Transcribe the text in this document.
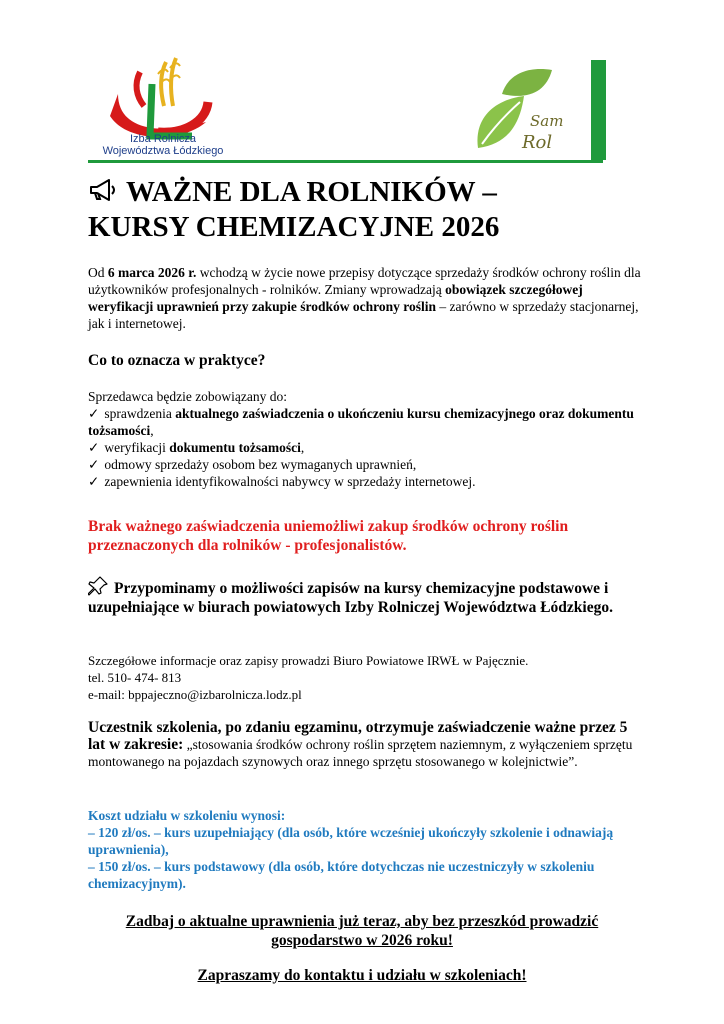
Izba Rolnicza
Województwa Łódzkiego
Sam
Rol
WAŻNE DLA ROLNIKÓW –
KURSY CHEMIZACYJNE 2026
Od 6 marca 2026 r. wchodzą w życie nowe przepisy dotyczące sprzedaży środków ochrony roślin dla użytkowników profesjonalnych - rolników. Zmiany wprowadzają obowiązek szczegółowej weryfikacji uprawnień przy zakupie środków ochrony roślin – zarówno w sprzedaży stacjonarnej, jak i internetowej.
Co to oznacza w praktyce?
Sprzedawca będzie zobowiązany do:
✓ sprawdzenia aktualnego zaświadczenia o ukończeniu kursu chemizacyjnego oraz dokumentu tożsamości,
✓ weryfikacji dokumentu tożsamości,
✓ odmowy sprzedaży osobom bez wymaganych uprawnień,
✓ zapewnienia identyfikowalności nabywcy w sprzedaży internetowej.
Brak ważnego zaświadczenia uniemożliwi zakup środków ochrony roślin przeznaczonych dla rolników - profesjonalistów.
Przypominamy o możliwości zapisów na kursy chemizacyjne podstawowe i uzupełniające w biurach powiatowych Izby Rolniczej Województwa Łódzkiego.
Szczegółowe informacje oraz zapisy prowadzi Biuro Powiatowe IRWŁ w Pajęcznie.
tel. 510- 474- 813
e-mail: bppajeczno@izbarolnicza.lodz.pl
Uczestnik szkolenia, po zdaniu egzaminu, otrzymuje zaświadczenie ważne przez 5 lat w zakresie: „stosowania środków ochrony roślin sprzętem naziemnym, z wyłączeniem sprzętu montowanego na pojazdach szynowych oraz innego sprzętu stosowanego w kolejnictwie”.
Koszt udziału w szkoleniu wynosi:
– 120 zł/os. – kurs uzupełniający (dla osób, które wcześniej ukończyły szkolenie i odnawiają uprawnienia),
– 150 zł/os. – kurs podstawowy (dla osób, które dotychczas nie uczestniczyły w szkoleniu chemizacyjnym).
Zadbaj o aktualne uprawnienia już teraz, aby bez przeszkód prowadzić gospodarstwo w 2026 roku!
Zapraszamy do kontaktu i udziału w szkoleniach!
